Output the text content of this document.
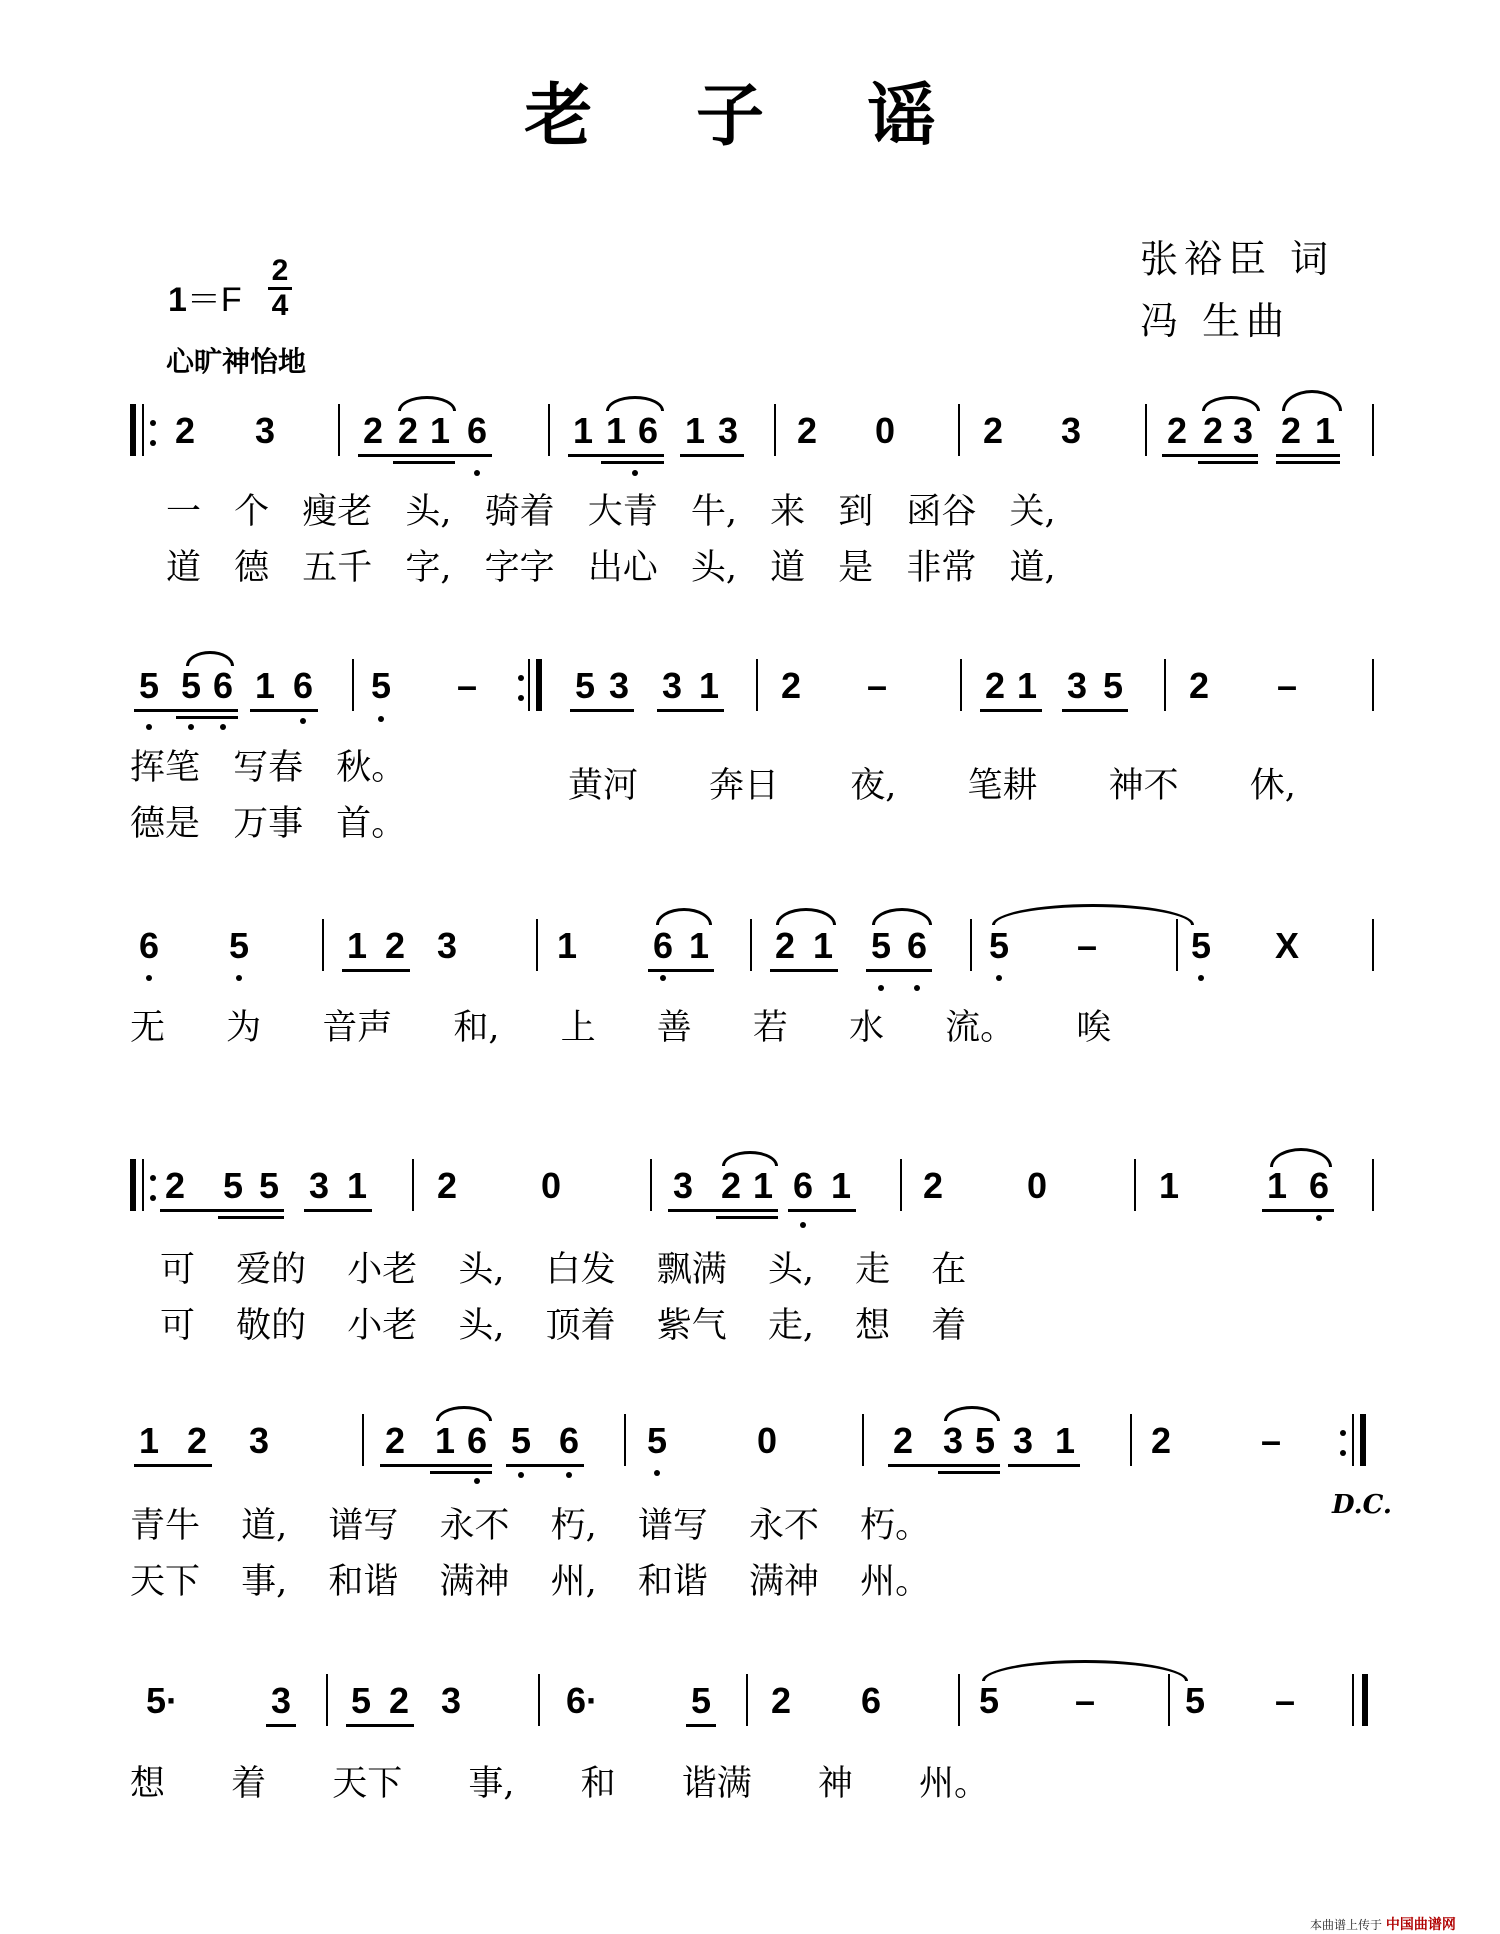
老 子 谣
张裕臣 词
冯 生曲
1＝F
2
4
心旷神怡地
2 3 2 2 1 6 1 1 6 1 3 2 0 2 3 2 2 3 2 1
一 个 瘦老 头, 骑着 大青 牛, 来 到 函谷 关,
道 德 五千 字, 字字 出心 头, 道 是 非常 道,
5 5 6 1 6 5 –	5 3 3 1 2 –	2 1 3 5 2 –
挥笔 写春 秋。
德是 万事 首。
黄河 奔日 夜, 笔耕 神不 休,
6 5	1 2 3	1 6 1 2 1 5 6 5 –	5 X
无 为 音声 和, 上 善 若 水 流。 唉
2 5 5 3 1 2 0	3 2 1 6 1 2 0	1 1 6
可 爱的 小老 头, 白发 飘满 头, 走 在
可 敬的 小老 头, 顶着 紫气 走, 想 着
1 2 3	2 1 6 5 6 5 0	2 3 5 3 1 2 –
D.C.
青牛 道, 谱写 永不 朽, 谱写 永不 朽。
天下 事, 和谐 满神 州, 和谐 满神 州。
5·	3 5 2 3	6·	5 2 6	5 – 5 –
想 着 天下 事, 和 谐满 神 州。
本曲谱上传于 中国曲谱网
